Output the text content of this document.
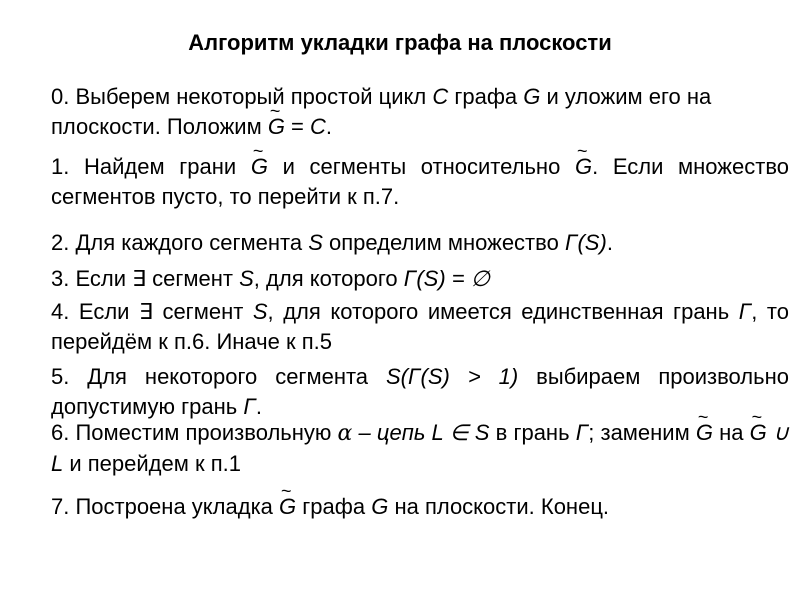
Алгоритм укладки графа на плоскости
0. Выберем некоторый простой цикл C графа G и уложим его на плоскости. Положим ~ G = C.
1. Найдем грани ~ G и сегменты относительно ~ G. Если множество сегментов пусто, то перейти к п.7.
2. Для каждого сегмента S определим множество Γ(S).
3. Если ∃ сегмент S, для которого Γ(S) = ∅
4. Если ∃ сегмент S, для которого имеется единственная грань Γ, то перейдём к п.6. Иначе к п.5
5. Для некоторого сегмента S(Γ(S) > 1) выбираем произвольно допустимую грань Γ.
6. Поместим произвольную α – цепь L ∈ S в грань Γ; заменим ~ G на ~ G ∪ L и перейдем к п.1
7. Построена укладка ~ G графа G на плоскости. Конец.
